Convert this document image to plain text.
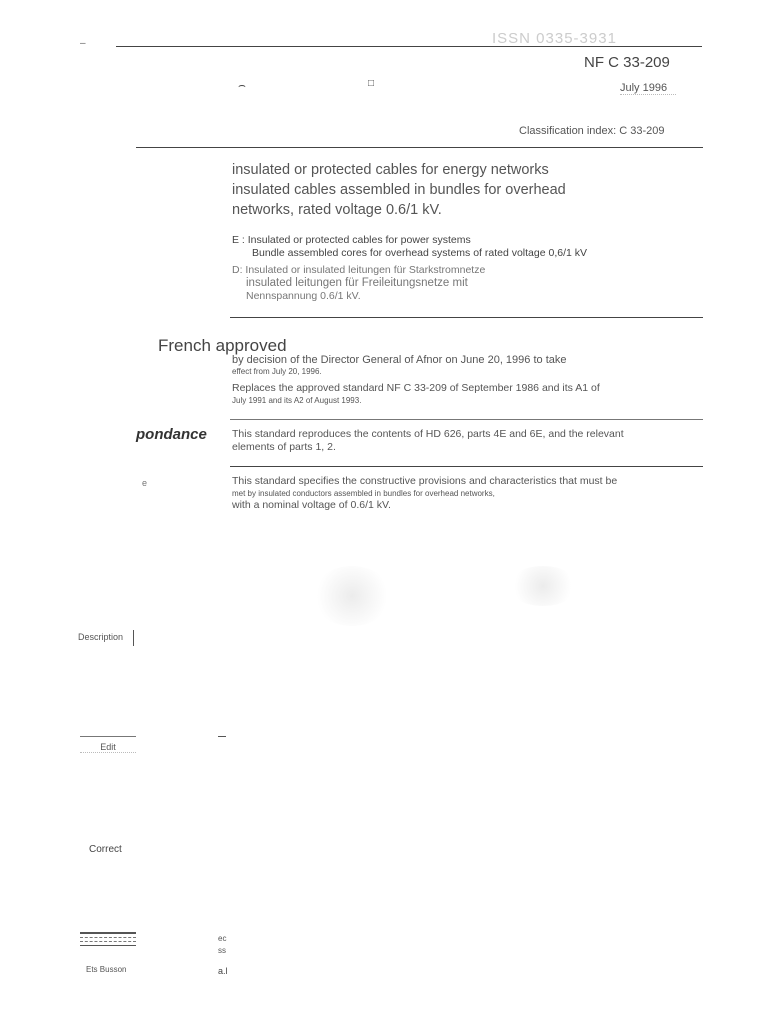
ISSN 0335-3931
–
NF C 33-209
⌢	□	July 1996
Classification index: C 33-209
insulated or protected cables for energy networks
insulated cables assembled in bundles for overhead
networks, rated voltage 0.6/1 kV.
E : Insulated or protected cables for power systems
Bundle assembled cores for overhead systems of rated voltage 0,6/1 kV
D: Insulated or insulated leitungen für Starkstromnetze
insulated leitungen für Freileitungsnetze mit
Nennspannung 0.6/1 kV.
French approved
by decision of the Director General of Afnor on June 20, 1996 to take
effect from July 20, 1996.
Replaces the approved standard NF C 33-209 of September 1986 and its A1 of
July 1991 and its A2 of August 1993.
pondance This standard reproduces the contents of HD 626, parts 4E and 6E, and the relevant
elements of parts 1, 2.
e	This standard specifies the constructive provisions and characteristics that must be
met by insulated conductors assembled in bundles for overhead networks,
with a nominal voltage of 0.6/1 kV.
Description
Edit
Correct
Ets Busson
ec
ss
a.l
